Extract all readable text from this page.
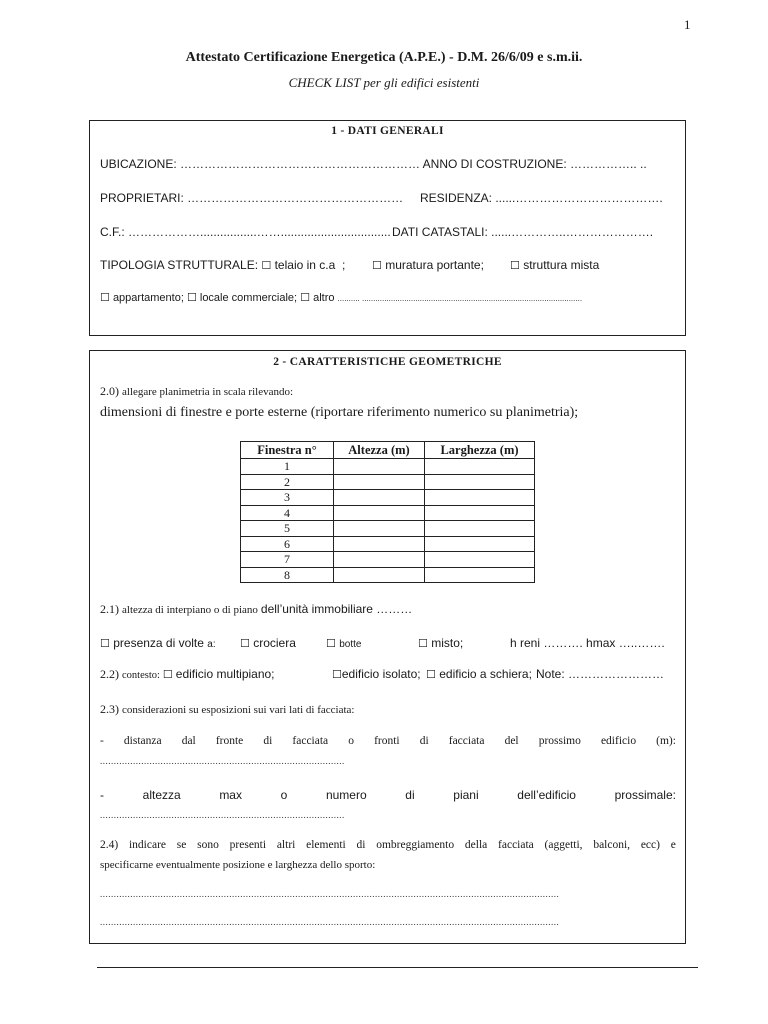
1
Attestato Certificazione Energetica (A.P.E.) - D.M. 26/6/09 e s.m.ii.
CHECK LIST per gli edifici esistenti
1 - DATI GENERALI
UBICAZIONE: …………………………………………………… ANNO DI COSTRUZIONE: …………….. ..
PROPRIETARI: ……………………………………………… RESIDENZA: ......……………………………….
C.F.: ……………….................……................................. DATI CATASTALI: ......…………..………………….
TIPOLOGIA STRUTTURALE: ☐ telaio in c.a ; ☐ muratura portante; ☐ struttura mista
☐ appartamento; ☐ locale commerciale; ☐ altro .......... ...................................................................................................
2 - CARATTERISTICHE GEOMETRICHE
2.0) allegare planimetria in scala rilevando:
dimensioni di finestre e porte esterne (riportare riferimento numerico su planimetria);
Finestra n°	Altezza (m)	Larghezza (m)
1		
2		
3		
4		
5		
6		
7		
8		
2.1) altezza di interpiano o di piano dell’unità immobiliare ………
☐ presenza di volte a: ☐ crociera	☐ botte	☐ misto;	h reni ………. hmax …..…….
2.2) contesto: ☐ edificio multipiano;	☐edificio isolato; ☐ edificio a schiera; Note: ……………………
2.3) considerazioni su esposizioni sui vari lati di facciata:
- distanza dal fronte di facciata o fronti di facciata del prossimo edificio (m):
.........................................................................................
-	altezza	max	o	numero	di	piani	dell’edificio	prossimale:
.........................................................................................
2.4) indicare se sono presenti altri elementi di ombreggiamento della facciata (aggetti, balconi, ecc) e
specificarne eventualmente posizione e larghezza dello sporto:
.......................................................................................................................................................................
.......................................................................................................................................................................
